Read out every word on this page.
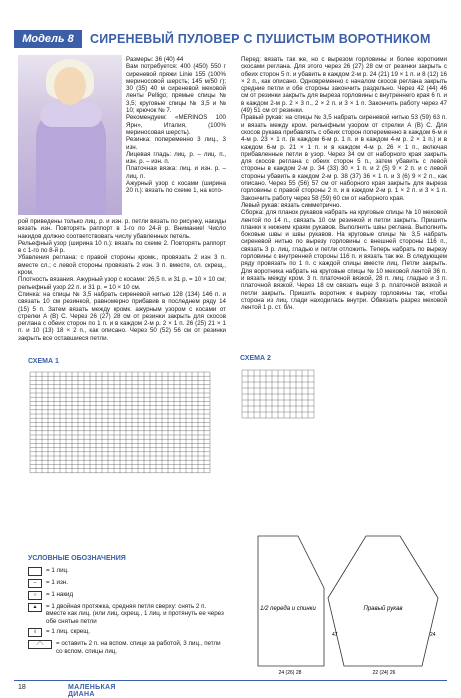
Модель 8	СИРЕНЕВЫЙ ПУЛОВЕР С ПУШИСТЫМ ВОРОТНИКОМ
Размеры: 36 (40) 44
Вам потребуется: 400 (450) 550 г сиреневой пряжи Linie 155 (100% мериносовой шерсть; 145 м/50 г); 30 (35) 40 м сиреневой меховой ленты Pelligo; прямые спицы № 3,5; круговые спицы № 3,5 и № 10; крючок № 7.
Рекомендуем: «MERINOS 100 Ярн», Италия, (100% мериносовая шерсть).
Резинка: попеременно 3 лиц., 3 изн.
Лицевая гладь: лиц. р. – лиц. п., изн. р. – изн. п.
Платочная вязка: лиц. и изн. р. – лиц. п.
Ажурный узор с косами (ширина 20 п.): вязать по схеме 1, на кото-
рой приведены только лиц. р. и изн. р. петли вязать по рисунку, накиды вязать изн. Повторять раппорт в 1-го по 24-й р. Внимание! Число накидов должно соответствовать числу убавленных петель.
Рельефный узор (ширина 10 п.): вязать по схеме 2. Повторять раппорт в с 1-го по 8-й р.
Убавления реглана: с правой стороны кромк., провязать 2 изн 3 п. вместе сл.; с левой стороны провязать 2 изн. 3 п. вместе, сл. скрещ., кром.
Плотность вязания. Ажурный узор с косами: 26,5 п. и 31 р. = 10 × 10 см; рельефный узор 22 п. и 31 р. = 10 × 10 см.
Спинка: на спицы № 3,5 набрать сиреневой нитью 128 (134) 146 п. и связать 10 см резинкой, равномерно прибавив в последнем ряду 14 (15) 5 п. Затем вязать между кромк. ажурным узором с косами от стрелки А (В) С. Через 26 (27) 28 см от резинки закрыть для скосов реглана с обеих сторон по 1 п. и в каждом 2-м р. 2 × 1 п. 26 (25) 21 × 1 п. и 10 (13) 18 × 2 п., как описано. Через 50 (52) 56 см от резинки закрыть все оставшиеся петли.
Перед: вязать так же, но с вырезом горловины и более короткими скосами реглана. Для этого через 26 (27) 28 см от резинки закрыть с обеих сторон 5 п. и убавить в каждом 2-м р. 24 (21) 19 × 1 п. и 8 (12) 16 × 2 п., как описано. Одновременно с началом скосов реглана закрыть средние петли и обе стороны закончить раздельно. Через 42 (44) 46 см от резинки закрыть для выреза горловины с внутреннего края 6 п. и в каждом 2-м р. 2 × 3 п., 2 × 2 п. и 3 × 1 п. Закончить работу через 47 (49) 51 см от резинки.
Правый рукав: на спицы № 3,5 набрать сиреневой нитью 53 (59) 63 п. и вязать между кром. рельефным узором от стрелки А (В) С. Для скосов рукава прибавлять с обеих сторон попеременно в каждом 6-м и 4-м р. 23 × 1 п. (в каждом 6-м р. 1 п. и в каждом 4-м р. 2 × 1 п.) и в каждом 6-м р. 21 × 1 п. и в каждом 4-м р. 26 × 1 п., включая прибавленные петли в узор. Через 34 см от наборного края закрыть для скосов реглана с обеих сторон 5 п., затем убавить с левой стороны в каждом 2-м р. 34 (33) 30 × 1 п. и 2 (5) 9 × 2 п. и с левой стороны убавить в каждом 2-м р. 38 (37) 36 × 1 п. и 3 (6) 9 × 2 п., как описано. Через 55 (56) 57 см от наборного края закрыть для выреза горловины с правой стороны 2 п. и в каждом 2-м р. 1 × 2 п. и 3 × 1 п. Закончить работу через 58 (59) 60 см от наборного края.
Левый рукав: вязать симметрично.
Сборка: для планок рукавов набрать на круговые спицы № 10 меховой лентой по 14 п., связать 10 см резинкой и петли закрыть. Пришить планки к нижним краям рукавов. Выполнить швы реглана. Выполнить боковые швы и швы рукавов. На круговые спицы № 3,5 набрать сиреневой нитью по вырезу горловины с внешней стороны 116 п., связать 3 р. лиц. гладью и петли отложить. Теперь набрать по вырезу горловины с внутренней стороны 116 п. и вязать так же. В следующем ряду провязать по 1 п. с каждой спицы вместе лиц. Петли закрыть. Для воротника набрать на круговые спицы № 10 меховой лентой 36 п. и вязать между кром. 3 п. платочной вязкой, 28 п. лиц. гладью и 3 п. платочной вязкой. Через 18 см связать еще 3 р. платочной вязкой и петли закрыть. Пришить воротник к вырезу горловины так, чтобы сторона из лиц. глади находилась внутри. Обвязать разрез меховой лентой 1 р. ст. б/н.
СХЕМА 1	СХЕМА 2
УСЛОВНЫЕ ОБОЗНАЧЕНИЯ
= 1 лиц.
–	= 1 изн.
○	= 1 накид
▲	= 1 двойная протяжка, средняя петля сверху: снять 2 п. вместе как лиц. (или лиц. скрещ., 1 лиц. и протянуть ее через обе снятые петли
ℓ	= 1 лиц. скрещ.
⟋⟍	= оставить 2 п. на вспом. спице за работой, 3 лиц., петли со вспом. спицы лиц.
1/2 переда и спинки	Правый рукав
24 (26) 28
47
22 (24) 26
24
18	МАЛЕНЬКАЯ ДИАНА
